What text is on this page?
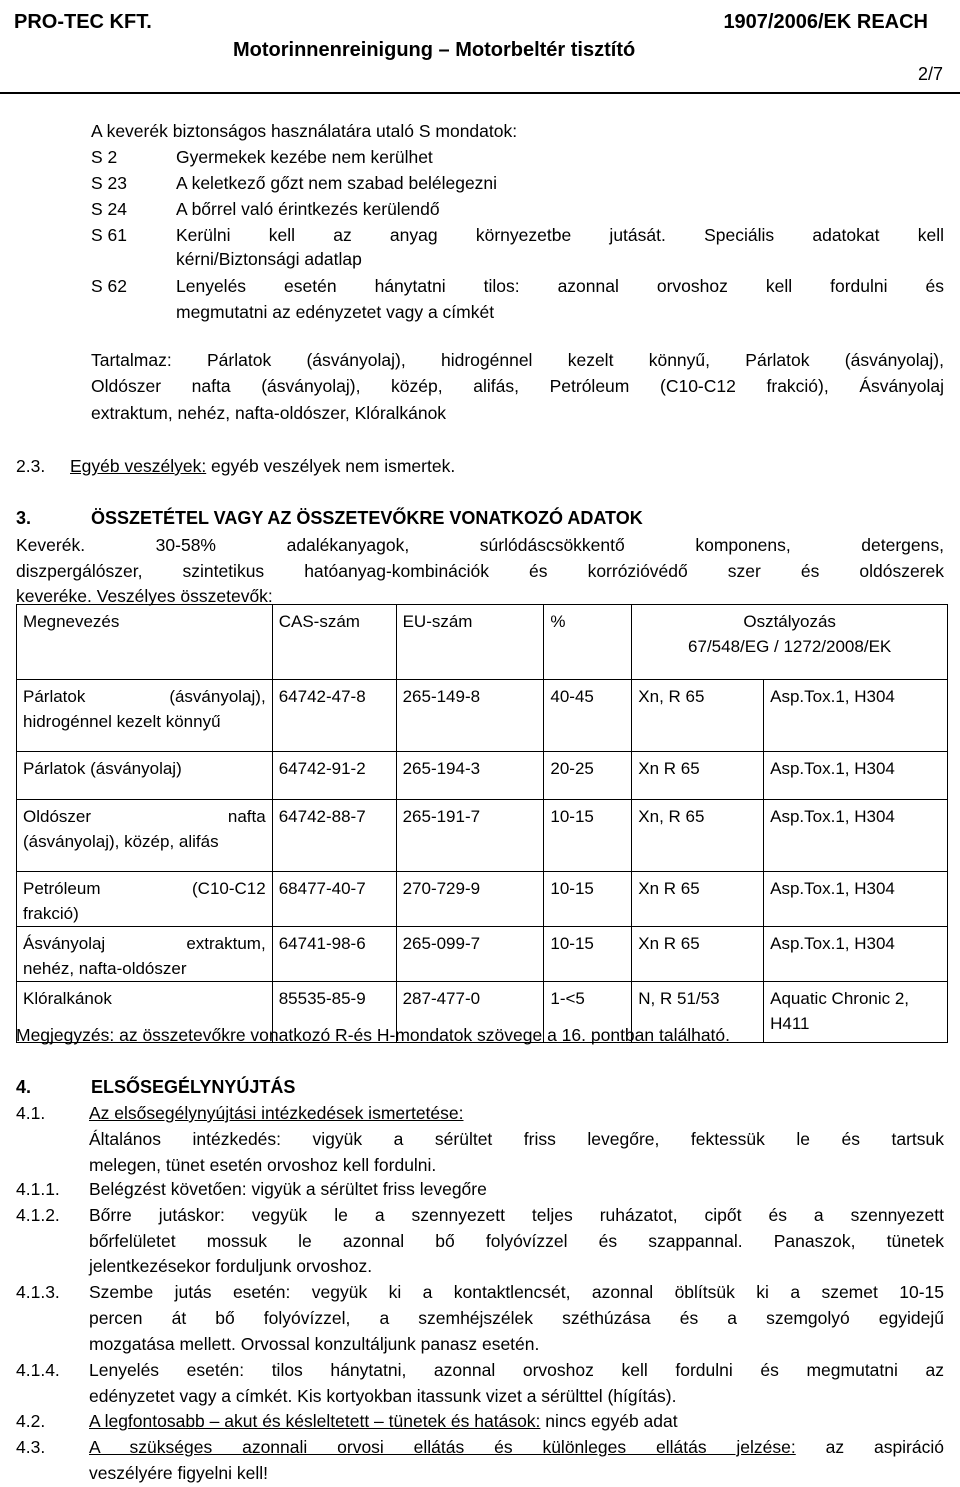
PRO-TEC KFT.	1907/2006/EK REACH
Motorinnenreinigung – Motorbeltér tisztító
2/7
A keverék biztonságos használatára utaló S mondatok:
S 2	Gyermekek kezébe nem kerülhet
S 23	A keletkező gőzt nem szabad belélegezni
S 24	A bőrrel való érintkezés kerülendő
S 61	Kerülni kell az anyag környezetbe jutását. Speciális adatokat kell
kérni/Biztonsági adatlap
S 62	Lenyelés esetén hánytatni tilos: azonnal orvoshoz kell fordulni és
megmutatni az edényzetet vagy a címkét
Tartalmaz: Párlatok (ásványolaj), hidrogénnel kezelt könnyű, Párlatok (ásványolaj),
Oldószer nafta (ásványolaj), közép, alifás, Petróleum (C10-C12 frakció), Ásványolaj
extraktum, nehéz, nafta-oldószer, Klóralkánok
2.3. Egyéb veszélyek: egyéb veszélyek nem ismertek.
3.	ÖSSZETÉTEL VAGY AZ ÖSSZETEVŐKRE VONATKOZÓ ADATOK
Keverék. 30-58% adalékanyagok, súrlódáscsökkentő komponens, detergens,
diszpergálószer, szintetikus hatóanyag-kombinációk és korrózióvédő szer és oldószerek
keveréke. Veszélyes összetevők:
Megnevezés	CAS-szám	EU-szám	%	Osztályozás
67/548/EG / 1272/2008/EK	

Párlatok (ásványolaj),
hidrogénnel kezelt könnyű	64742-47-8	265-149-8	40-45	Xn, R 65	Asp.Tox.1, H304
Párlatok (ásványolaj)	64742-91-2	265-194-3	20-25	Xn R 65	Asp.Tox.1, H304

Oldószer nafta
(ásványolaj), közép, alifás	64742-88-7	265-191-7	10-15	Xn, R 65	Asp.Tox.1, H304

Petróleum (C10-C12
frakció)	68477-40-7	270-729-9	10-15	Xn R 65	Asp.Tox.1, H304

Ásványolaj extraktum,
nehéz, nafta-oldószer	64741-98-6	265-099-7	10-15	Xn R 65	Asp.Tox.1, H304
Klóralkánok	85535-85-9	287-477-0	1-<5	N, R 51/53	Aquatic Chronic 2,
H411
Megjegyzés: az összetevőkre vonatkozó R-és H-mondatok szövege a 16. pontban található.
4.	ELSŐSEGÉLYNYÚJTÁS
4.1.	Az elsősegélynyújtási intézkedések ismertetése:
Általános intézkedés: vigyük a sérültet friss levegőre, fektessük le és tartsuk
melegen, tünet esetén orvoshoz kell fordulni.
4.1.1. Belégzést követően: vigyük a sérültet friss levegőre
4.1.2. Bőrre jutáskor: vegyük le a szennyezett teljes ruházatot, cipőt és a szennyezett
bőrfelületet mossuk le azonnal bő folyóvízzel és szappannal. Panaszok, tünetek
jelentkezésekor forduljunk orvoshoz.
4.1.3. Szembe jutás esetén: vegyük ki a kontaktlencsét, azonnal öblítsük ki a szemet 10-15
percen át bő folyóvízzel, a szemhéjszélek széthúzása és a szemgolyó egyidejű
mozgatása mellett. Orvossal konzultáljunk panasz esetén.
4.1.4. Lenyelés esetén: tilos hánytatni, azonnal orvoshoz kell fordulni és megmutatni az
edényzetet vagy a címkét. Kis kortyokban itassunk vizet a sérülttel (hígítás).
4.2.	A legfontosabb – akut és késleltetett – tünetek és hatások: nincs egyéb adat
4.3.	A szükséges azonnali orvosi ellátás és különleges ellátás jelzése: az aspiráció
veszélyére figyelni kell!
